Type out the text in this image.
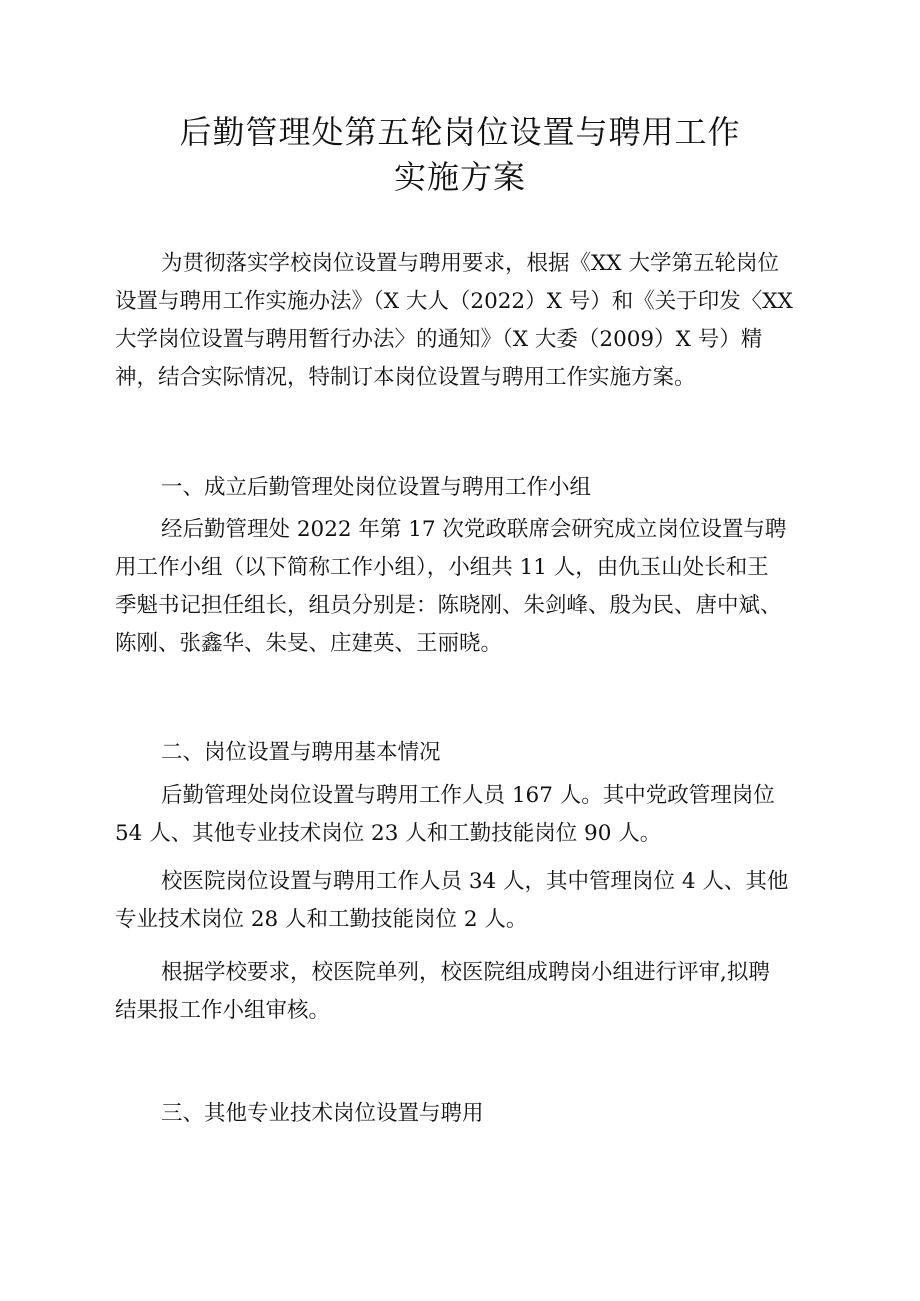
后勤管理处第五轮岗位设置与聘用工作
实施方案
为贯彻落实学校岗位设置与聘用要求，根据《XX 大学第五轮岗位
设置与聘用工作实施办法》（X 大人（2022）X 号）和《关于印发〈XX
大学岗位设置与聘用暂行办法〉的通知》（X 大委（2009）X 号）精
神，结合实际情况，特制订本岗位设置与聘用工作实施方案。
一、成立后勤管理处岗位设置与聘用工作小组
经后勤管理处 2022 年第 17 次党政联席会研究成立岗位设置与聘
用工作小组（以下简称工作小组），小组共 11 人，由仇玉山处长和王
季魁书记担任组长，组员分别是：陈晓刚、朱剑峰、殷为民、唐中斌、
陈刚、张鑫华、朱旻、庄建英、王丽晓。
二、岗位设置与聘用基本情况
后勤管理处岗位设置与聘用工作人员 167 人。其中党政管理岗位
54 人、其他专业技术岗位 23 人和工勤技能岗位 90 人。
校医院岗位设置与聘用工作人员 34 人，其中管理岗位 4 人、其他
专业技术岗位 28 人和工勤技能岗位 2 人。
根据学校要求，校医院单列，校医院组成聘岗小组进行评审,拟聘
结果报工作小组审核。
三、其他专业技术岗位设置与聘用
